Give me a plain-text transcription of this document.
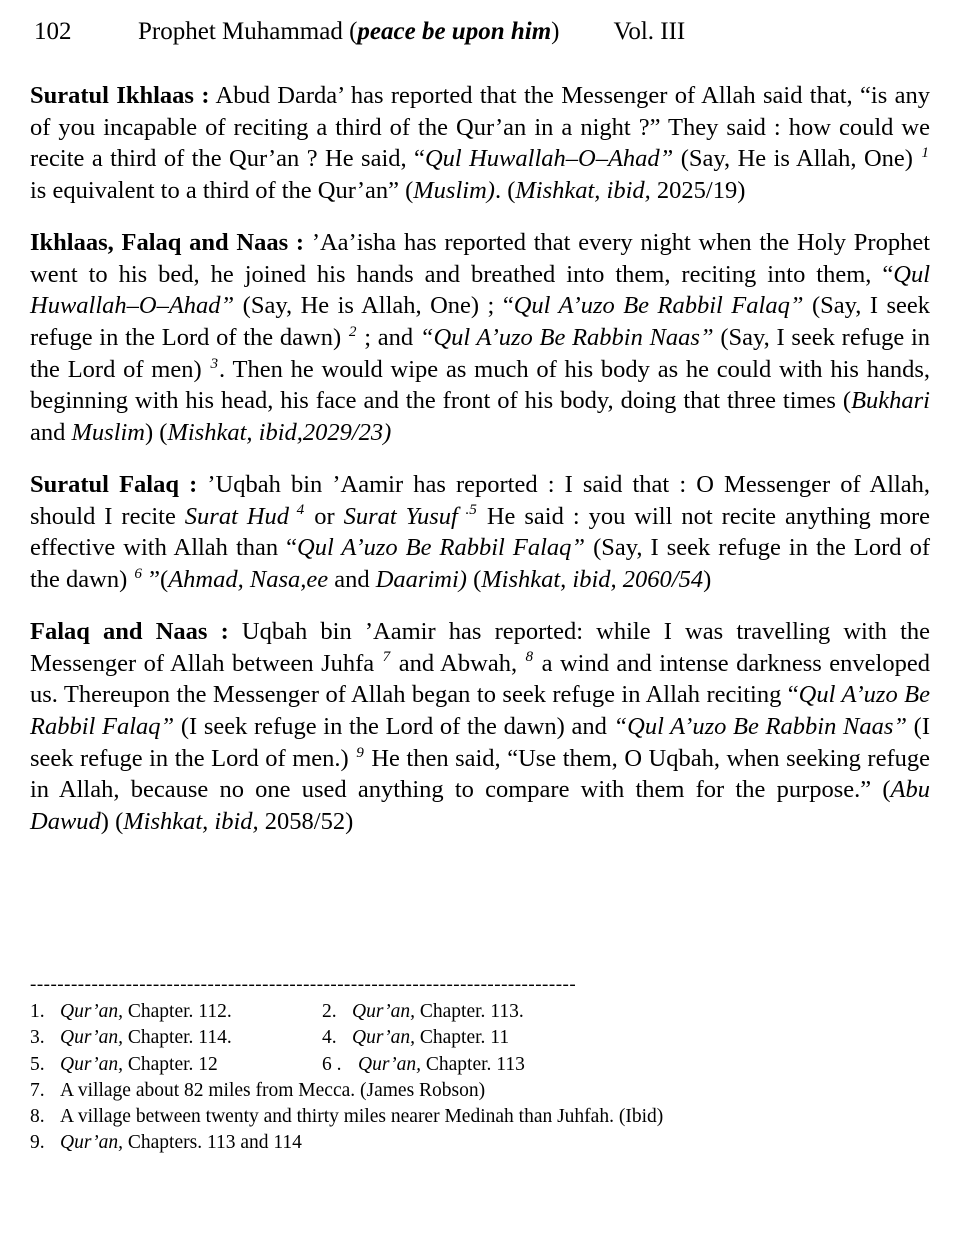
102	Prophet Muhammad (peace be upon him) Vol. III

Suratul Ikhlaas : Abud Darda’ has reported that the Messenger of Allah said that, “is any of you incapable of reciting a third of the Qur’an in a night ?” They said : how could we recite a third of the Qur’an ? He said, “Qul Huwallah–O–Ahad” (Say, He is Allah, One) $^1$ is equivalent to a third of the Qur’an” (Muslim). (Mishkat, ibid, 2025/19)

Ikhlaas, Falaq and Naas : ’Aa’isha has reported that every night when the Holy Prophet went to his bed, he joined his hands and breathed into them, reciting into them, “Qul Huwallah–O–Ahad” (Say, He is Allah, One) ; “Qul A’uzo Be Rabbil Falaq” (Say, I seek refuge in the Lord of the dawn) $^2$ ; and “Qul A’uzo Be Rabbin Naas” (Say, I seek refuge in the Lord of men) $^3$. Then he would wipe as much of his body as he could with his hands, beginning with his head, his face and the front of his body, doing that three times (Bukhari and Muslim) (Mishkat, ibid,2029/23)

Suratul Falaq : ’Uqbah bin ’Aamir has reported : I said that : O Messenger of Allah, should I recite Surat Hud $^4$ or Surat Yusuf $^{.5}$ He said : you will not recite anything more effective with Allah than “Qul A’uzo Be Rabbil Falaq” (Say, I seek refuge in the Lord of the dawn) $^6$ ”(Ahmad, Nasa,ee and Daarimi) (Mishkat, ibid, 2060/54)

Falaq and Naas : Uqbah bin ’Aamir has reported: while I was travelling with the Messenger of Allah between Juhfa $^7$ and Abwah, $^8$ a wind and intense darkness enveloped us. Thereupon the Messenger of Allah began to seek refuge in Allah reciting “Qul A’uzo Be Rabbil Falaq” (I seek refuge in the Lord of the dawn) and “Qul A’uzo Be Rabbin Naas” (I seek refuge in the Lord of men.) $^9$ He then said, “Use them, O Uqbah, when seeking refuge in Allah, because no one used anything to compare with them for the purpose.” (Abu Dawud) (Mishkat, ibid, 2058/52)

--------------------------------------------------------------------------------
1. Qur’an, Chapter. 112.	2. Qur’an, Chapter. 113.
3. Qur’an, Chapter. 114.	4. Qur’an, Chapter. 11
5. Qur’an, Chapter. 12	6 . Qur’an, Chapter. 113
7. A village about 82 miles from Mecca. (James Robson)
8. A village between twenty and thirty miles nearer Medinah than Juhfah. (Ibid)
9. Qur’an, Chapters. 113 and 114
